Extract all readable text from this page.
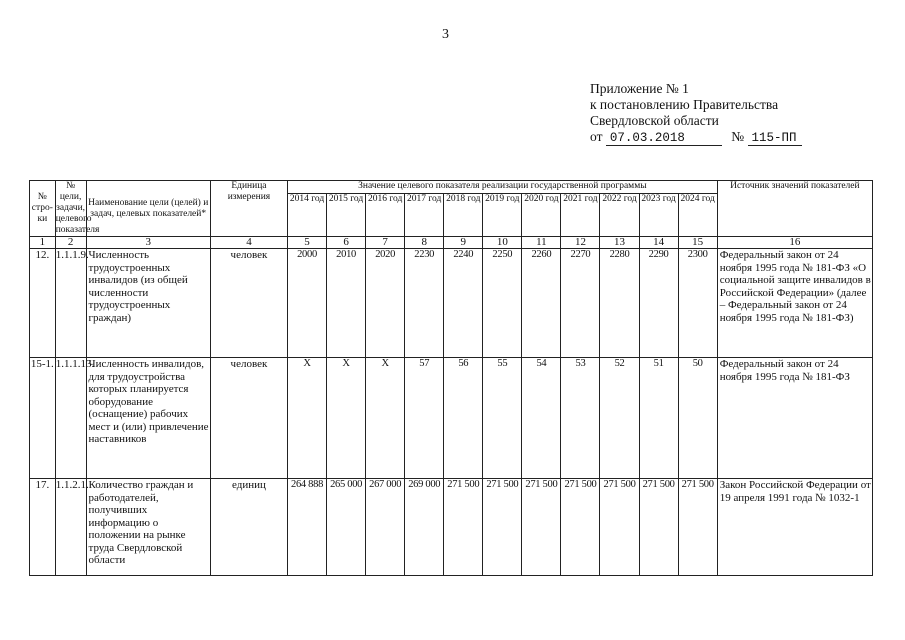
3
Приложение № 1
к постановлению Правительства
Свердловской области
от 07.03.2018	№ 115-ПП
№ стро-ки	№ цели, задачи, целевого показателя	Наименование цели (целей) и задач, целевых показателей*	Единица измерения	Значение целевого показателя реализации государственной программы											Источник значений показателей
				2014 год	2015 год	2016 год	2017 год	2018 год	2019 год	2020 год	2021 год	2022 год	2023 год	2024 год	
1	2	3	4	5	6	7	8	9	10	11	12	13	14	15	16
12.	1.1.1.9.	Численность трудоустроенных инвалидов (из общей численности трудоустроенных граждан)	человек	2000	2010	2020	2230	2240	2250	2260	2270	2280	2290	2300	Федеральный закон от 24 ноября 1995 года № 181-ФЗ «О социальной защите инвалидов в Российской Федерации» (далее – Федеральный закон от 24 ноября 1995 года № 181-ФЗ)
15-1.	1.1.1.13.	Численность инвалидов, для трудоустройства которых планируется оборудование (оснащение) рабочих мест и (или) привлечение наставников	человек	Х	Х	Х	57	56	55	54	53	52	51	50	Федеральный закон от 24 ноября 1995 года № 181-ФЗ
17.	1.1.2.1.	Количество граждан и работодателей, получивших информацию о положении на рынке труда Свердловской области	единиц	264 888	265 000	267 000	269 000	271 500	271 500	271 500	271 500	271 500	271 500	271 500	Закон Российской Федерации от 19 апреля 1991 года № 1032-1
